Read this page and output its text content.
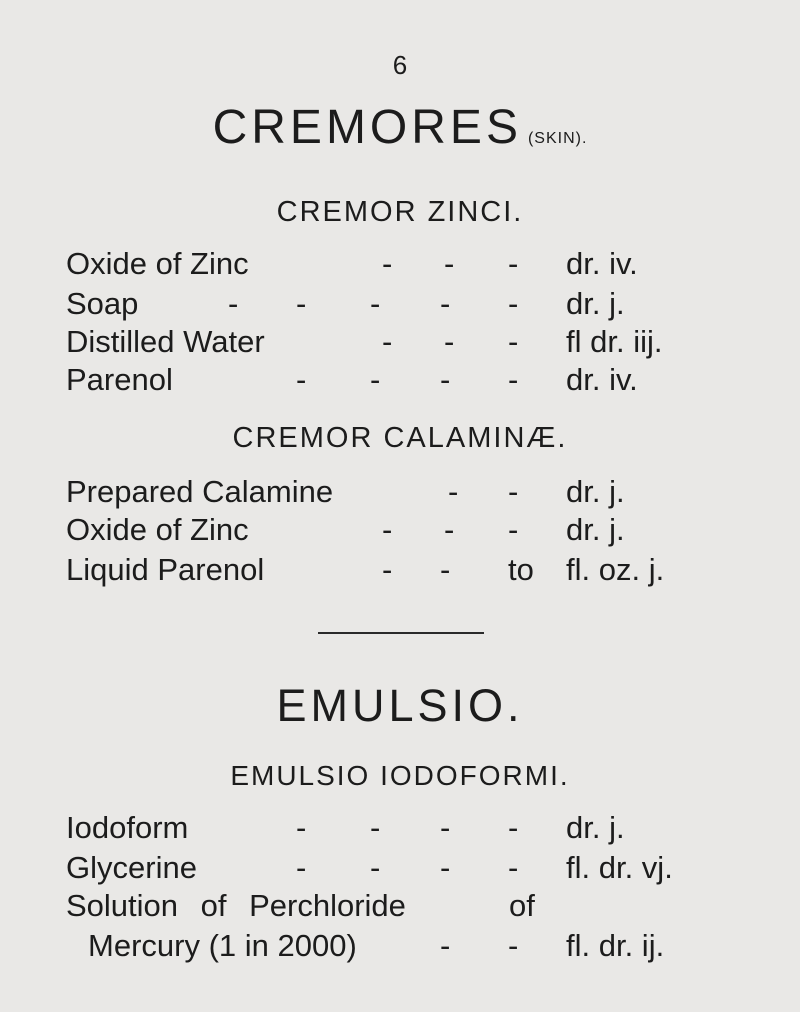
6
CREMORES (SKIN).
CREMOR ZINCI.
Oxide of Zinc	- - - dr. iv.
Soap	- - - - - dr. j.
Distilled Water	- - - fl dr. iij.
Parenol	- - - - dr. iv.
CREMOR CALAMINÆ.
Prepared Calamine	- - dr. j.
Oxide of Zinc	- - - dr. j.
Liquid Parenol	- - to fl. oz. j.
EMULSIO.
EMULSIO IODOFORMI.
Iodoform	- - - - dr. j.
Glycerine	- - - - fl. dr. vj.
Solution of Perchloride	of
Mercury (1 in 2000)	- - fl. dr. ij.
